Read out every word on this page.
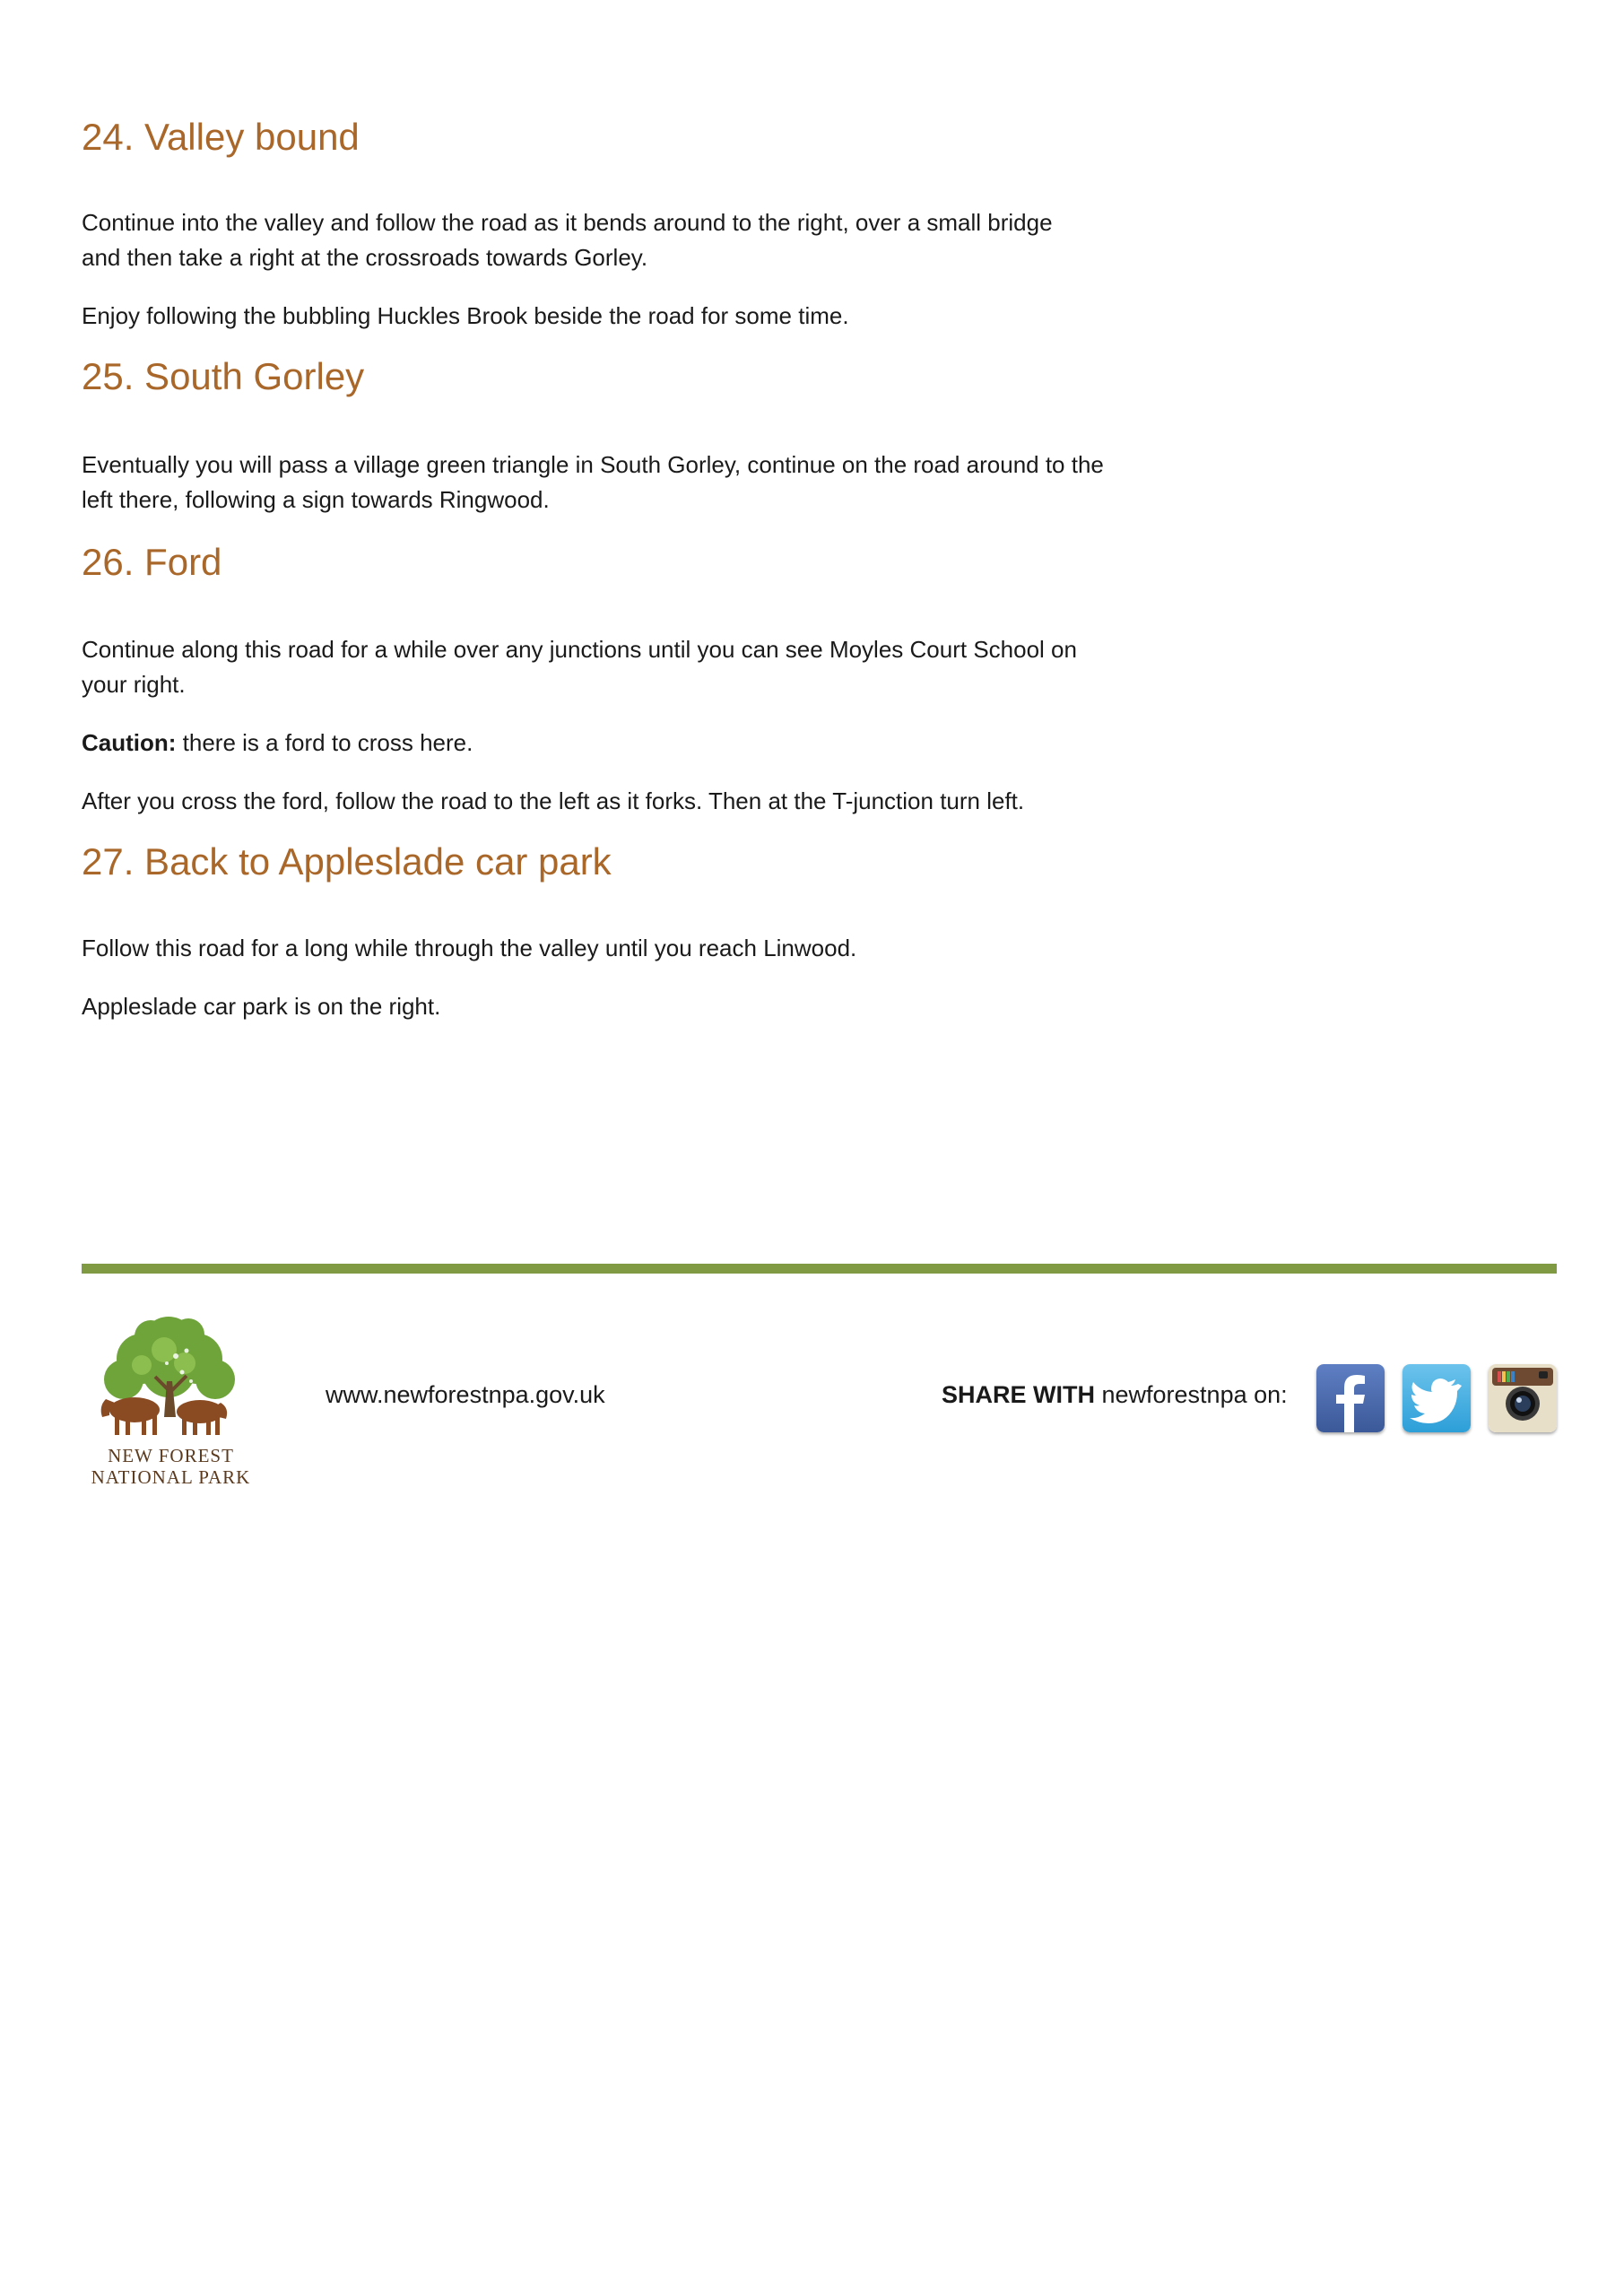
24. Valley bound

Continue into the valley and follow the road as it bends around to the right, over a small bridge and then take a right at the crossroads towards Gorley.

Enjoy following the bubbling Huckles Brook beside the road for some time.

25. South Gorley

Eventually you will pass a village green triangle in South Gorley, continue on the road around to the left there, following a sign towards Ringwood.

26. Ford

Continue along this road for a while over any junctions until you can see Moyles Court School on your right.

Caution: there is a ford to cross here.

After you cross the ford, follow the road to the left as it forks. Then at the T-junction turn left.

27. Back to Appleslade car park

Follow this road for a long while through the valley until you reach Linwood.

Appleslade car park is on the right.

NEW FOREST
NATIONAL PARK
www.newforestnpa.gov.uk	SHARE WITH newforestnpa on:
